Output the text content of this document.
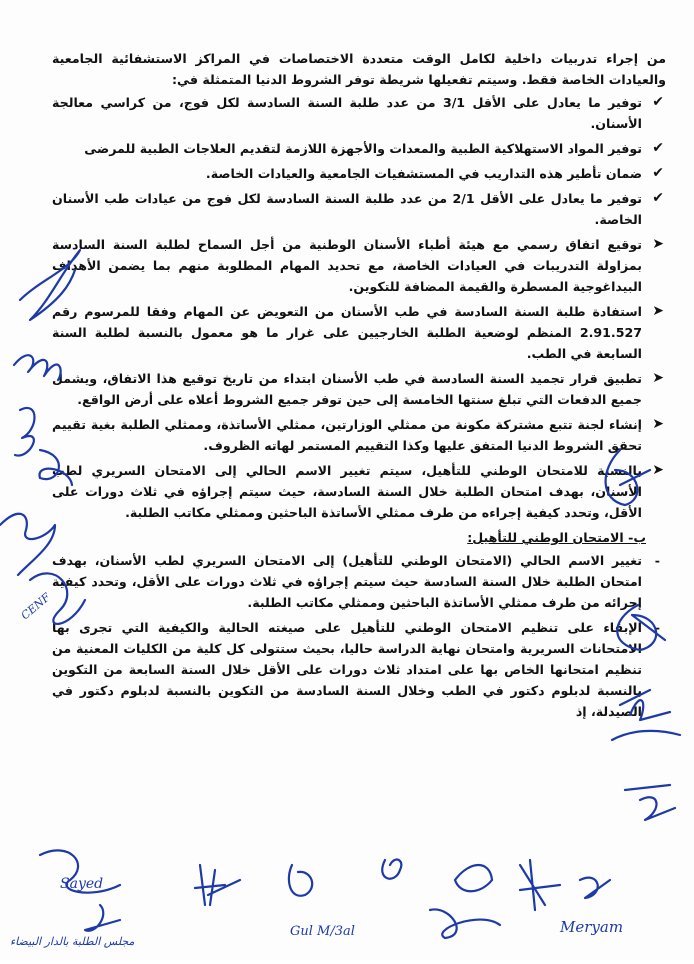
من إجراء تدربيات داخلية لكامل الوقت متعددة الاختصاصات في المراكز الاستشفائية الجامعية والعيادات الخاصة فقط. وسيتم تفعيلها شريطة توفر الشروط الدنيا المتمثلة في:

✔
توفير ما يعادل على الأقل 3/1 من عدد طلبة السنة السادسة لكل فوج، من كراسي معالجة الأسنان.
✔
توفير المواد الاستهلاكية الطبية والمعدات والأجهزة اللازمة لتقديم العلاجات الطبية للمرضى
✔
ضمان تأطير هذه التداريب في المستشفيات الجامعية والعيادات الخاصة.
✔
توفير ما يعادل على الأقل 2/1 من عدد طلبة السنة السادسة لكل فوج من عيادات طب الأسنان الخاصة.
➤
توقيع اتفاق رسمي مع هيئة أطباء الأسنان الوطنية من أجل السماح لطلبة السنة السادسة بمزاولة التدريبات في العيادات الخاصة، مع تحديد المهام المطلوبة منهم بما يضمن الأهداف البيداغوجية المسطرة والقيمة المضافة للتكوين.
➤
استفادة طلبة السنة السادسة في طب الأسنان من التعويض عن المهام وفقا للمرسوم رقم 2.91.527 المنظم لوضعية الطلبة الخارجيين على غرار ما هو معمول بالنسبة لطلبة السنة السابعة في الطب.
➤
تطبيق قرار تجميد السنة السادسة في طب الأسنان ابتداء من تاريخ توقيع هذا الاتفاق، ويشمل جميع الدفعات التي تبلغ سنتها الخامسة إلى حين توفر جميع الشروط أعلاه على أرض الواقع.
➤
إنشاء لجنة تتبع مشتركة مكونة من ممثلي الوزارتين، ممثلي الأساتذة، وممثلي الطلبة بغية تقييم تحقق الشروط الدنيا المتفق عليها وكذا التقييم المستمر لهاته الظروف.
➤
بالنسبة للامتحان الوطني للتأهيل، سيتم تغيير الاسم الحالي إلى الامتحان السريري لطب الأسنان، بهدف امتحان الطلبة خلال السنة السادسة، حيث سيتم إجراؤه في ثلاث دورات على الأقل، وتحدد كيفية إجراءه من طرف ممثلي الأساتذة الباحثين وممثلي مكاتب الطلبة.

ب- الامتحان الوطني للتأهيل:

-
تغيير الاسم الحالي (الامتحان الوطني للتأهيل) إلى الامتحان السريري لطب الأسنان، بهدف امتحان الطلبة خلال السنة السادسة حيث سيتم إجراؤه في ثلاث دورات على الأقل، وتحدد كيفية إجرائه من طرف ممثلي الأساتذة الباحثين وممثلي مكاتب الطلبة.
-
الإبقاء على تنظيم الامتحان الوطني للتأهيل على صيغته الحالية والكيفية التي تجرى بها الامتحانات السريرية وامتحان نهاية الدراسة حاليا، بحيث ستتولى كل كلية من الكليات المعنية من تنظيم امتحانها الخاص بها على امتداد ثلاث دورات على الأقل خلال السنة السابعة من التكوين بالنسبة لدبلوم دكتور في الطب وخلال السنة السادسة من التكوين بالنسبة لدبلوم دكتور في الصيدلة، إذ
Sayed
CENF
مجلس الطلبة بالدار البيضاء
Gul M/3al	Meryam
